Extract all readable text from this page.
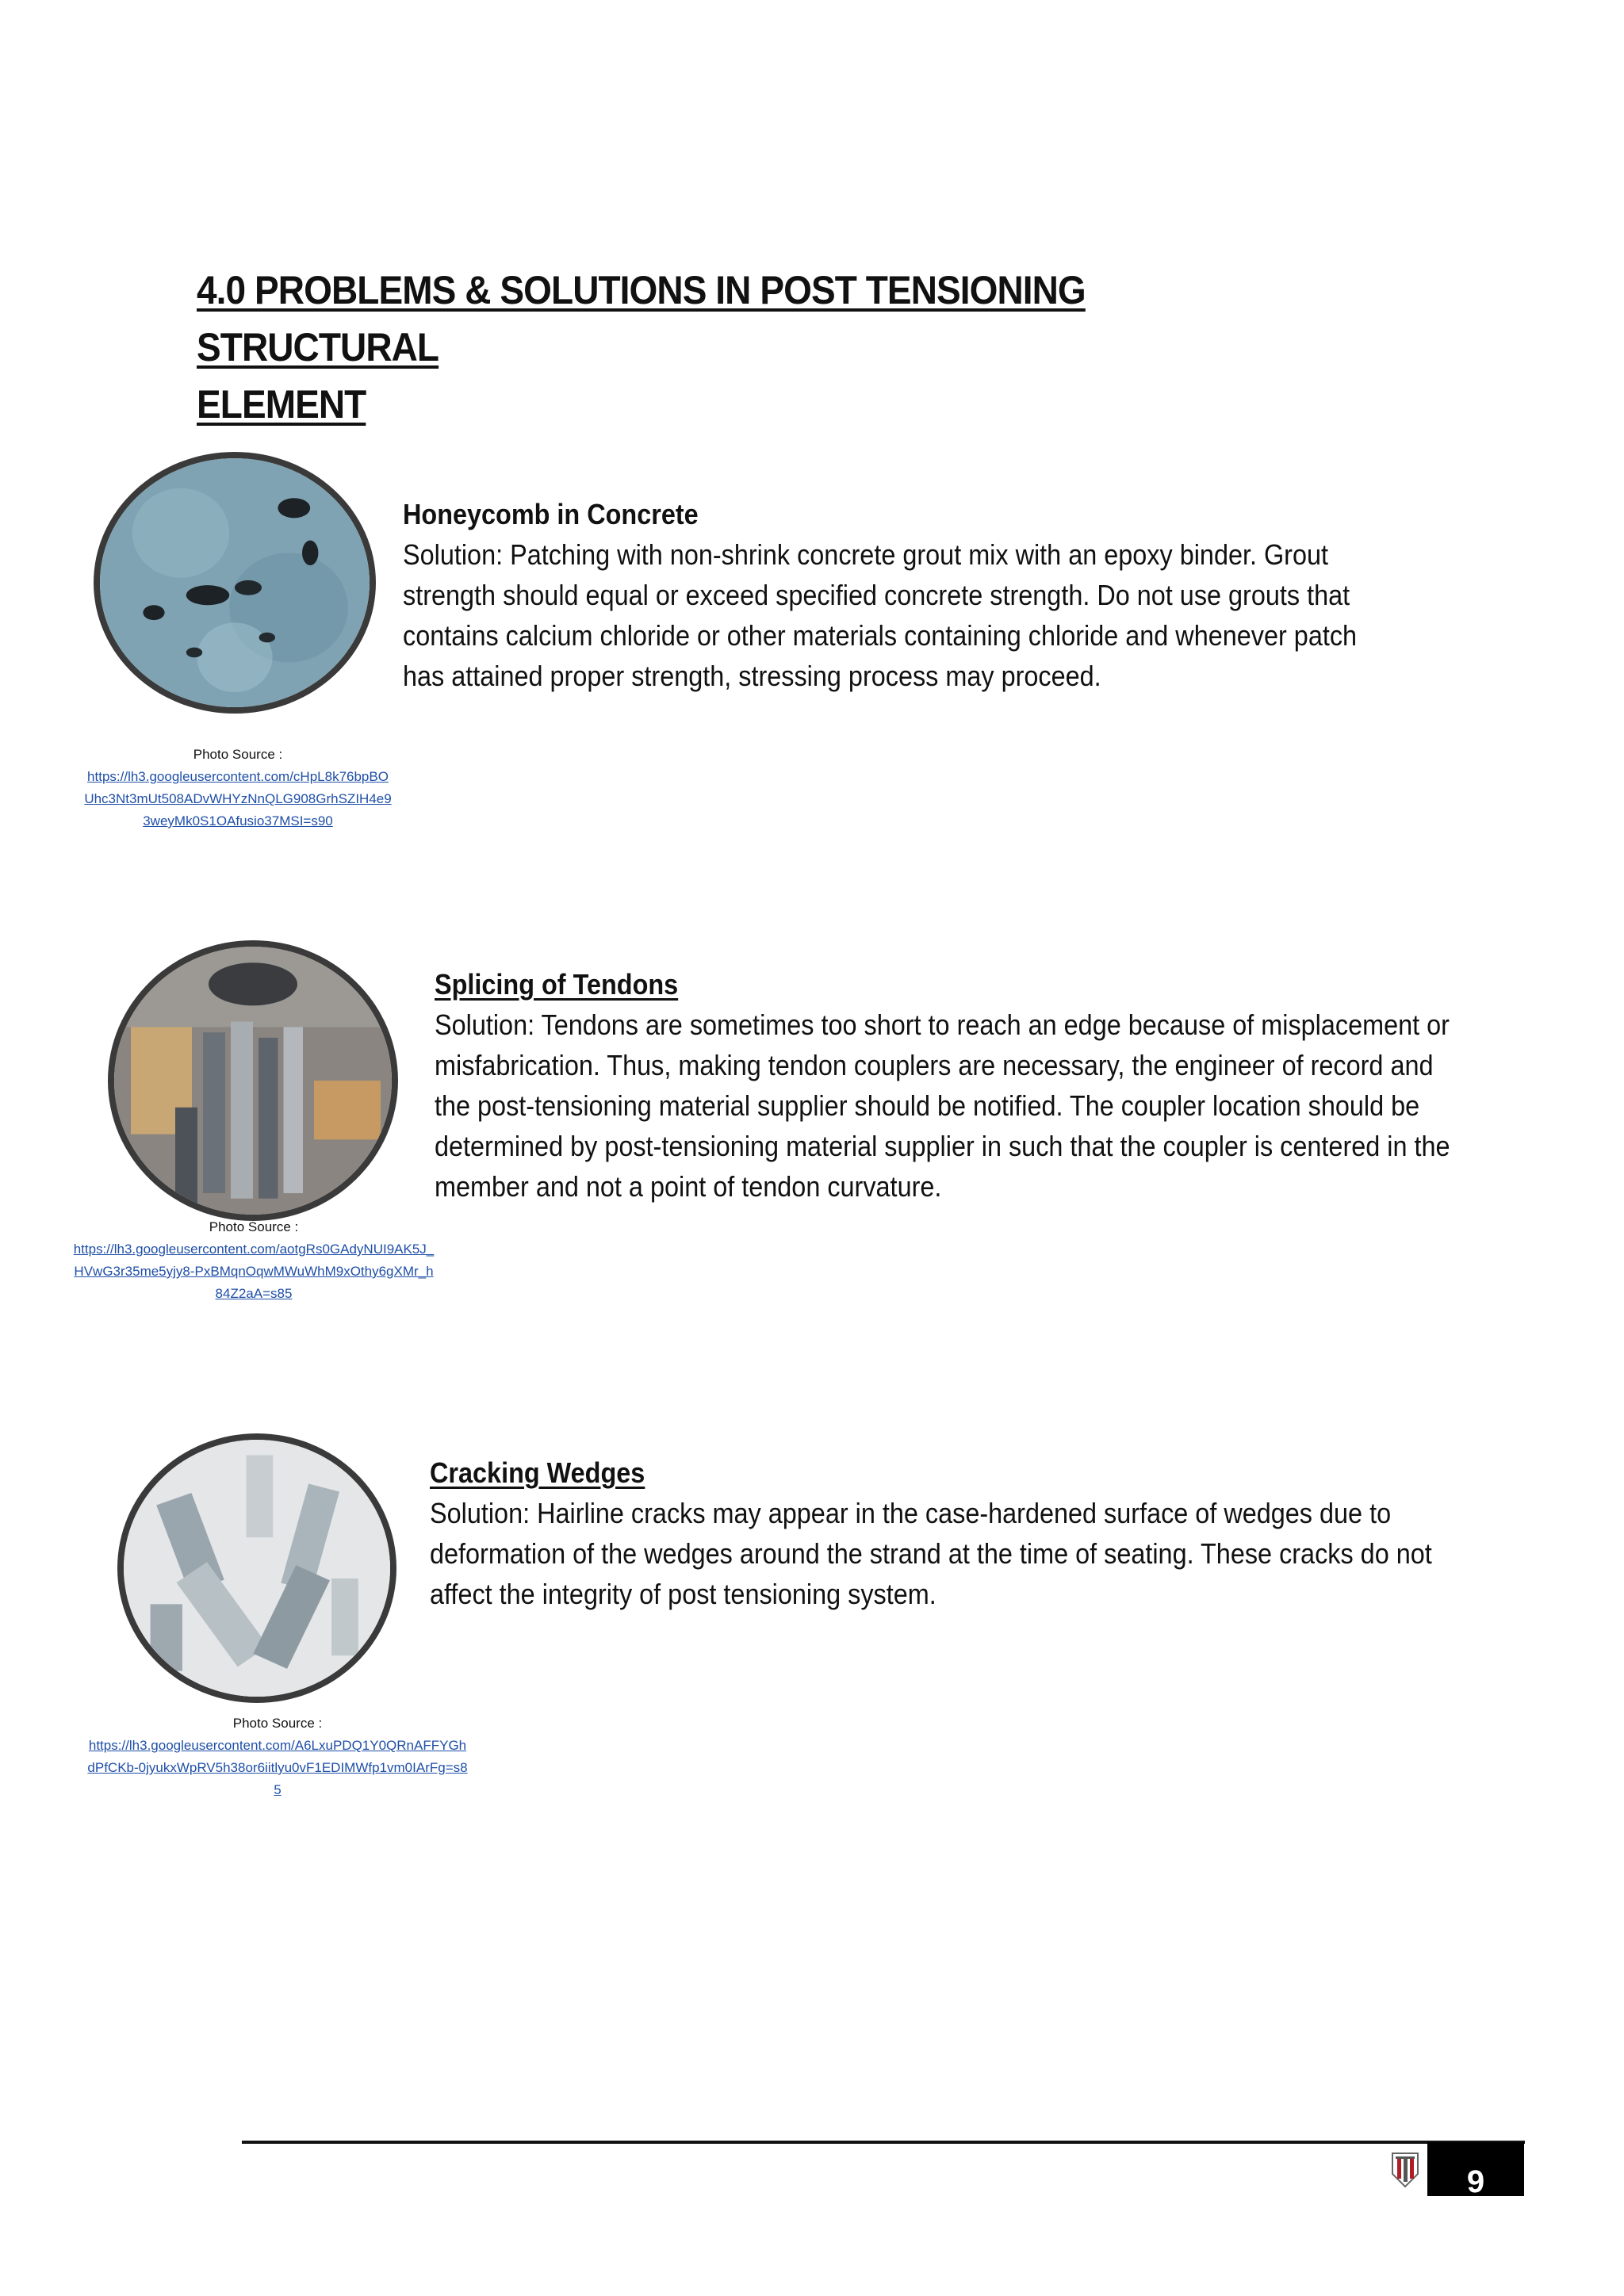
4.0 PROBLEMS & SOLUTIONS IN POST TENSIONING STRUCTURAL
ELEMENT
Photo Source :
https://lh3.googleusercontent.com/cHpL8k76bpBOUhc3Nt3mUt508ADvWHYzNnQLG908GrhSZIH4e93weyMk0S1OAfusio37MSI=s90
Honeycomb in Concrete
Solution: Patching with non-shrink concrete grout mix with an epoxy binder. Grout strength should equal or exceed specified concrete strength. Do not use grouts that contains calcium chloride or other materials containing chloride and whenever patch has attained proper strength, stressing process may proceed.
Photo Source :
https://lh3.googleusercontent.com/aotgRs0GAdyNUI9AK5J_HVwG3r35me5yjy8-PxBMqnOqwMWuWhM9xOthy6gXMr_h84Z2aA=s85
Splicing of Tendons
Solution: Tendons are sometimes too short to reach an edge because of misplacement or misfabrication. Thus, making tendon couplers are necessary, the engineer of record and the post-tensioning material supplier should be notified. The coupler location should be determined by post-tensioning material supplier in such that the coupler is centered in the member and not a point of tendon curvature.
Photo Source :
https://lh3.googleusercontent.com/A6LxuPDQ1Y0QRnAFFYGhdPfCKb-0jyukxWpRV5h38or6iitlyu0vF1EDIMWfp1vm0IArFg=s85
Cracking Wedges
Solution: Hairline cracks may appear in the case-hardened surface of wedges due to deformation of the wedges around the strand at the time of seating. These cracks do not affect the integrity of post tensioning system.
9
